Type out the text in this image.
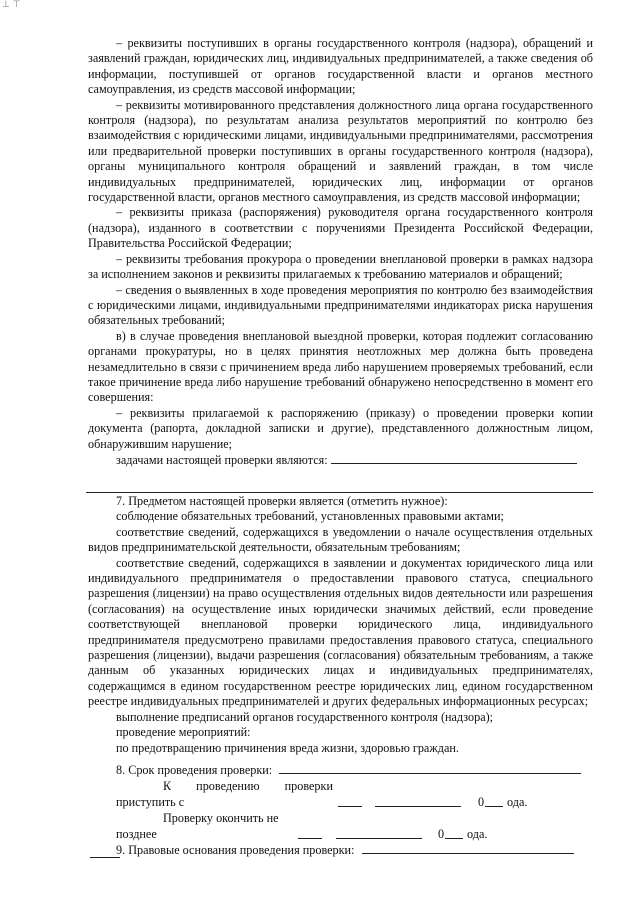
⊥ ⊤

– реквизиты поступивших в органы государственного контроля (надзора), обращений и заявлений граждан, юридических лиц, индивидуальных предпринимателей, а также сведения об информации, поступившей от органов государственной власти и органов местного самоуправления, из средств массовой информации;

– реквизиты мотивированного представления должностного лица органа государственного контроля (надзора), по результатам анализа результатов мероприятий по контролю без взаимодействия с юридическими лицами, индивидуальными предпринимателями, рассмотрения или предварительной проверки поступивших в органы государственного контроля (надзора), органы муниципального контроля обращений и заявлений граждан, в том числе индивидуальных предпринимателей, юридических лиц, информации от органов государственной власти, органов местного самоуправления, из средств массовой информации;

– реквизиты приказа (распоряжения) руководителя органа государственного контроля (надзора), изданного в соответствии с поручениями Президента Российской Федерации, Правительства Российской Федерации;

– реквизиты требования прокурора о проведении внеплановой проверки в рамках надзора за исполнением законов и реквизиты прилагаемых к требованию материалов и обращений;

– сведения о выявленных в ходе проведения мероприятия по контролю без взаимодействия с юридическими лицами, индивидуальными предпринимателями индикаторах риска нарушения обязательных требований;

в) в случае проведения внеплановой выездной проверки, которая подлежит согласованию органами прокуратуры, но в целях принятия неотложных мер должна быть проведена незамедлительно в связи с причинением вреда либо нарушением проверяемых требований, если такое причинение вреда либо нарушение требований обнаружено непосредственно в момент его совершения:

– реквизиты прилагаемой к распоряжению (приказу) о проведении проверки копии документа (рапорта, докладной записки и другие), представленного должностным лицом, обнаружившим нарушение;

задачами настоящей проверки являются:

7. Предметом настоящей проверки является (отметить нужное):

соблюдение обязательных требований, установленных правовыми актами;

соответствие сведений, содержащихся в уведомлении о начале осуществления отдельных видов предпринимательской деятельности, обязательным требованиям;

соответствие сведений, содержащихся в заявлении и документах юридического лица или индивидуального предпринимателя о предоставлении правового статуса, специального разрешения (лицензии) на право осуществления отдельных видов деятельности или разрешения (согласования) на осуществление иных юридически значимых действий, если проведение соответствующей внеплановой проверки юридического лица, индивидуального предпринимателя предусмотрено правилами предоставления правового статуса, специального разрешения (лицензии), выдачи разрешения (согласования) обязательным требованиям, а также данным об указанных юридических лицах и индивидуальных предпринимателях, содержащимся в едином государственном реестре юридических лиц, едином государственном реестре индивидуальных предпринимателей и других федеральных информационных ресурсах;

выполнение предписаний органов государственного контроля (надзора);

проведение мероприятий:

по предотвращению причинения вреда жизни, здоровью граждан.

8. Срок проведения проверки:
К проведению проверки
приступить с	0 ода.
Проверку окончить не
позднее	0 ода.
9. Правовые основания проведения проверки:
